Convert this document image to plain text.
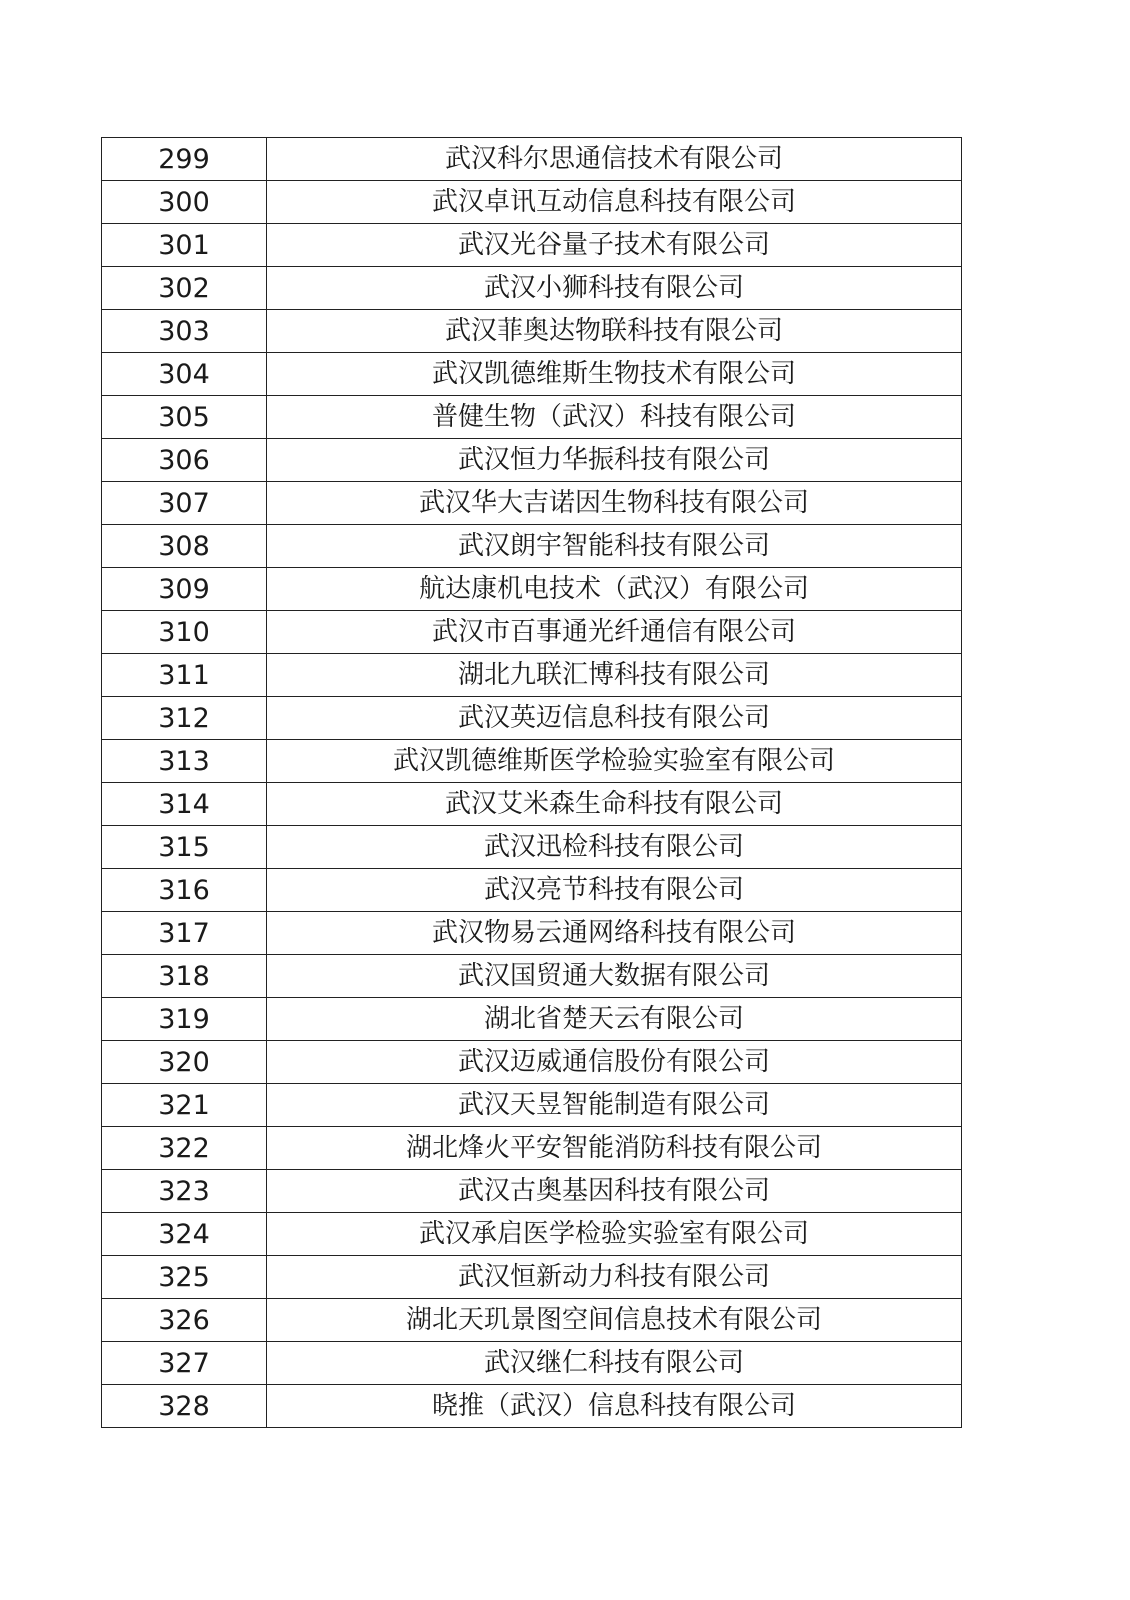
299	武汉科尔思通信技术有限公司
300	武汉卓讯互动信息科技有限公司
301	武汉光谷量子技术有限公司
302	武汉小狮科技有限公司
303	武汉菲奥达物联科技有限公司
304	武汉凯德维斯生物技术有限公司
305	普健生物（武汉）科技有限公司
306	武汉恒力华振科技有限公司
307	武汉华大吉诺因生物科技有限公司
308	武汉朗宇智能科技有限公司
309	航达康机电技术（武汉）有限公司
310	武汉市百事通光纤通信有限公司
311	湖北九联汇博科技有限公司
312	武汉英迈信息科技有限公司
313	武汉凯德维斯医学检验实验室有限公司
314	武汉艾米森生命科技有限公司
315	武汉迅检科技有限公司
316	武汉亮节科技有限公司
317	武汉物易云通网络科技有限公司
318	武汉国贸通大数据有限公司
319	湖北省楚天云有限公司
320	武汉迈威通信股份有限公司
321	武汉天昱智能制造有限公司
322	湖北烽火平安智能消防科技有限公司
323	武汉古奥基因科技有限公司
324	武汉承启医学检验实验室有限公司
325	武汉恒新动力科技有限公司
326	湖北天玑景图空间信息技术有限公司
327	武汉继仁科技有限公司
328	晓推（武汉）信息科技有限公司
